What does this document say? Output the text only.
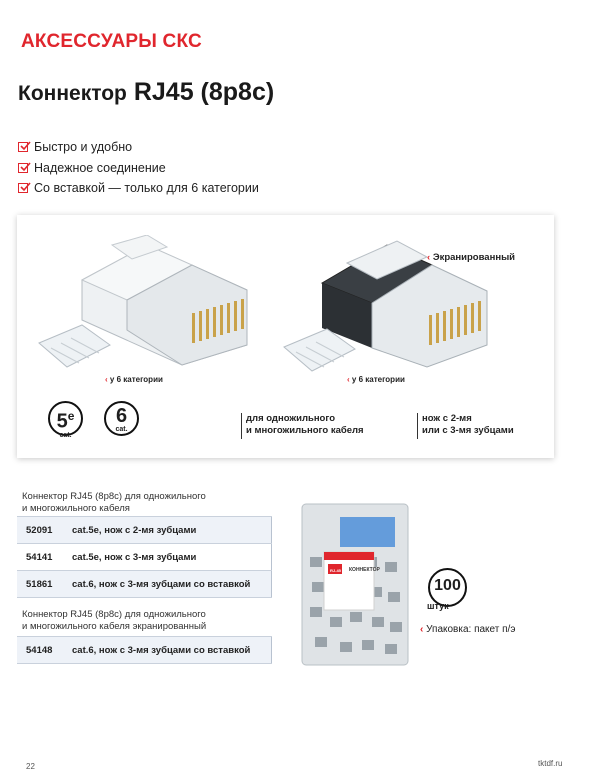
АКСЕССУАРЫ СКС
Коннектор RJ45 (8p8c)
Быстро и удобно
Надежное соединение
Со вставкой — только для 6 категории
‹ у 6 категории
‹ Экранированный
‹ у 6 категории
5e
cat.
6
cat.
для одножильного
и многожильного кабеля
нож с 2-мя
или с 3-мя зубцами
Коннектор RJ45 (8p8c) для одножильного
и многожильного кабеля
52091	cat.5e, нож с 2-мя зубцами
54141	cat.5e, нож с 3-мя зубцами
51861	cat.6, нож с 3-мя зубцами со вставкой
Коннектор RJ45 (8p8c) для одножильного
и многожильного кабеля экранированный
54148	cat.6, нож с 3-мя зубцами со вставкой
КОННЕКТОР
RJ-45
100
штук
‹ Упаковка: пакет п/э
22	tktdf.ru
